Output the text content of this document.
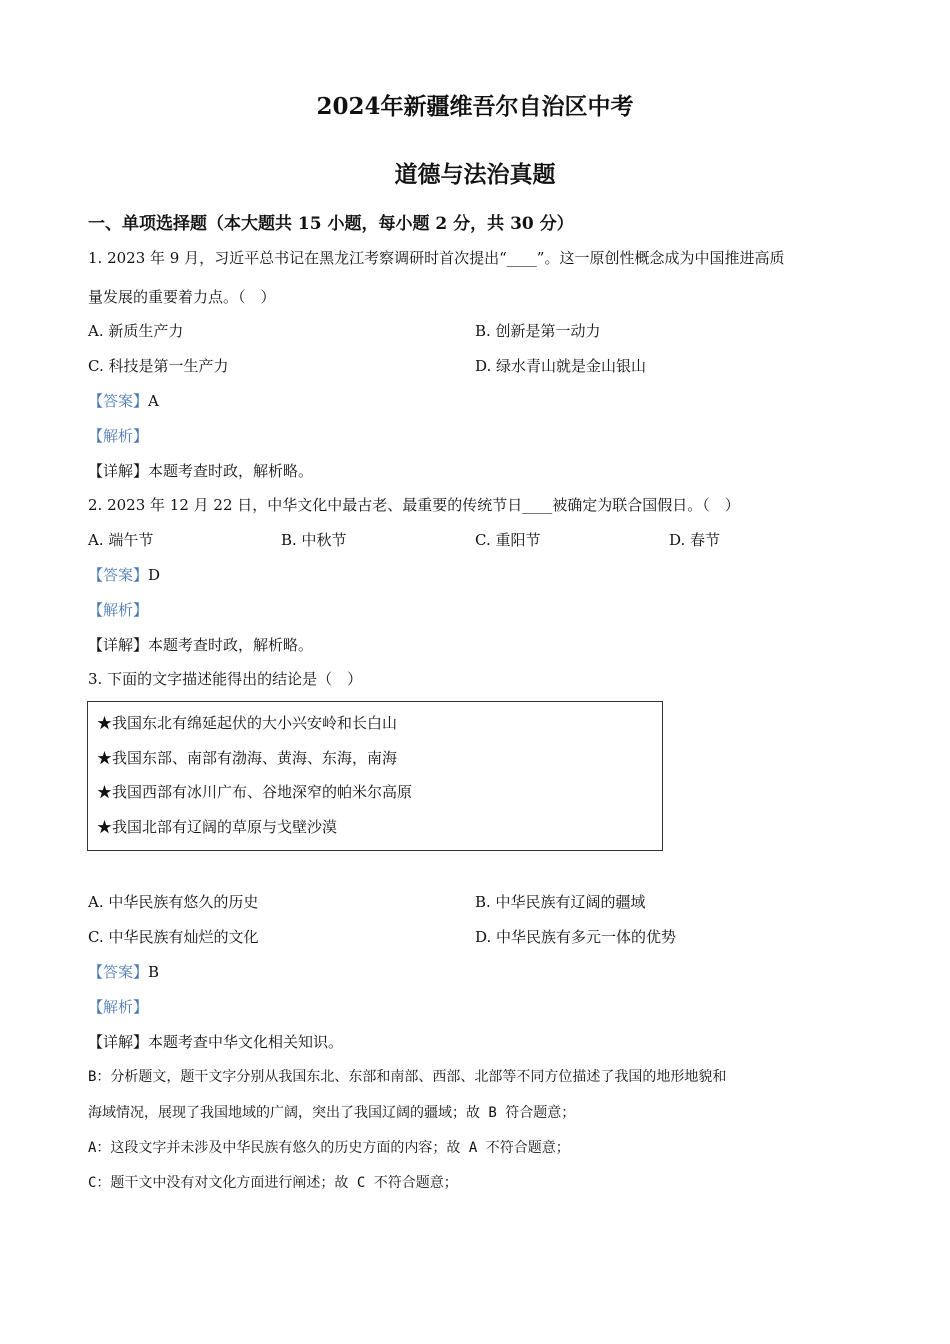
2024年新疆维吾尔自治区中考
道德与法治真题
一、单项选择题（本大题共 15 小题，每小题 2 分，共 30 分）
1. 2023 年 9 月，习近平总书记在黑龙江考察调研时首次提出“____”。这一原创性概念成为中国推进高质
量发展的重要着力点。（　）
A. 新质生产力	B. 创新是第一动力
C. 科技是第一生产力	D. 绿水青山就是金山银山
【答案】A
【解析】
【详解】本题考查时政，解析略。
2. 2023 年 12 月 22 日，中华文化中最古老、最重要的传统节日____被确定为联合国假日。（　）
A. 端午节	B. 中秋节	C. 重阳节	D. 春节
【答案】D
【解析】
【详解】本题考查时政，解析略。
3. 下面的文字描述能得出的结论是（　）
★我国东北有绵延起伏的大小兴安岭和长白山
★我国东部、南部有渤海、黄海、东海，南海
★我国西部有冰川广布、谷地深窄的帕米尔高原
★我国北部有辽阔的草原与戈壁沙漠
A. 中华民族有悠久的历史	B. 中华民族有辽阔的疆域
C. 中华民族有灿烂的文化	D. 中华民族有多元一体的优势
【答案】B
【解析】
【详解】本题考查中华文化相关知识。
B：分析题文，题干文字分别从我国东北、东部和南部、西部、北部等不同方位描述了我国的地形地貌和
海域情况，展现了我国地域的广阔，突出了我国辽阔的疆域；故 B 符合题意；
A：这段文字并未涉及中华民族有悠久的历史方面的内容；故 A 不符合题意；
C：题干文中没有对文化方面进行阐述；故 C 不符合题意；
